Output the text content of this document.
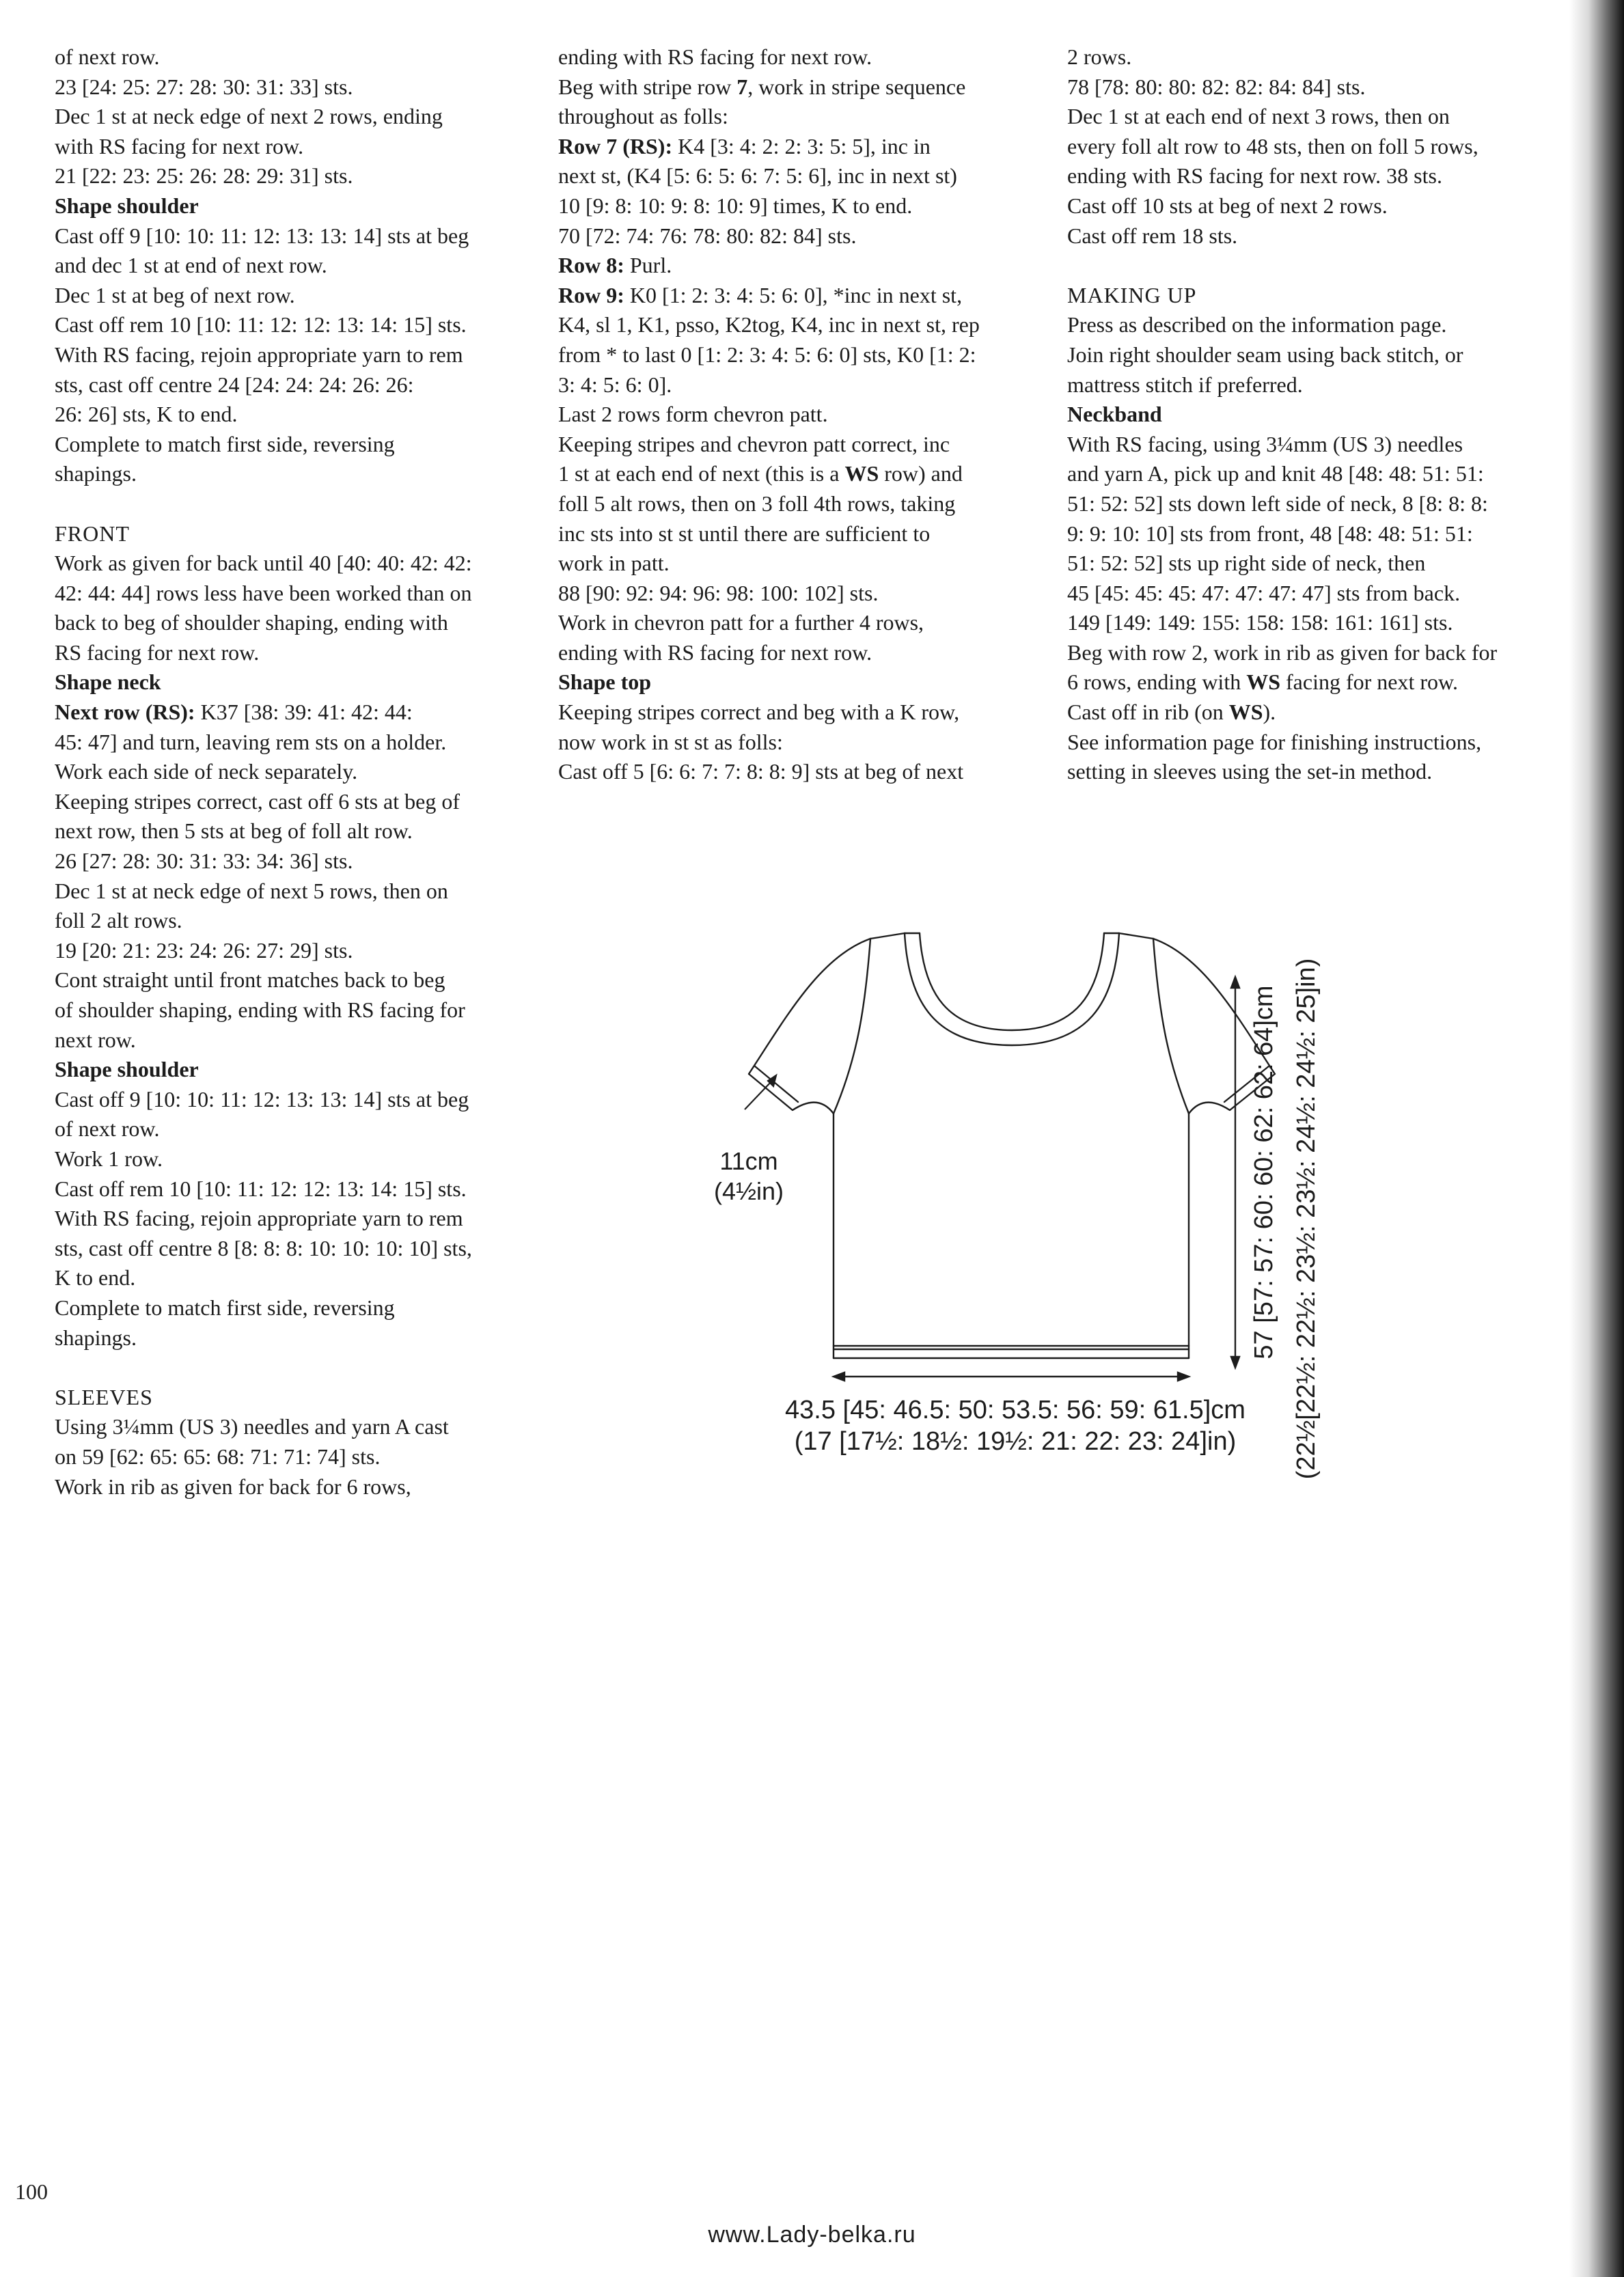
of next row.
23 [24: 25: 27: 28: 30: 31: 33] sts.
Dec 1 st at neck edge of next 2 rows, ending
with RS facing for next row.
21 [22: 23: 25: 26: 28: 29: 31] sts.
Shape shoulder
Cast off 9 [10: 10: 11: 12: 13: 13: 14] sts at beg
and dec 1 st at end of next row.
Dec 1 st at beg of next row.
Cast off rem 10 [10: 11: 12: 12: 13: 14: 15] sts.
With RS facing, rejoin appropriate yarn to rem
sts, cast off centre 24 [24: 24: 24: 26: 26:
26: 26] sts, K to end.
Complete to match first side, reversing
shapings.
FRONT
Work as given for back until 40 [40: 40: 42: 42:
42: 44: 44] rows less have been worked than on
back to beg of shoulder shaping, ending with
RS facing for next row.
Shape neck
Next row (RS): K37 [38: 39: 41: 42: 44:
45: 47] and turn, leaving rem sts on a holder.
Work each side of neck separately.
Keeping stripes correct, cast off 6 sts at beg of
next row, then 5 sts at beg of foll alt row.
26 [27: 28: 30: 31: 33: 34: 36] sts.
Dec 1 st at neck edge of next 5 rows, then on
foll 2 alt rows.
19 [20: 21: 23: 24: 26: 27: 29] sts.
Cont straight until front matches back to beg
of shoulder shaping, ending with RS facing for
next row.
Shape shoulder
Cast off 9 [10: 10: 11: 12: 13: 13: 14] sts at beg
of next row.
Work 1 row.
Cast off rem 10 [10: 11: 12: 12: 13: 14: 15] sts.
With RS facing, rejoin appropriate yarn to rem
sts, cast off centre 8 [8: 8: 8: 10: 10: 10: 10] sts,
K to end.
Complete to match first side, reversing
shapings.
SLEEVES
Using 3¼mm (US 3) needles and yarn A cast
on 59 [62: 65: 65: 68: 71: 71: 74] sts.
Work in rib as given for back for 6 rows,
ending with RS facing for next row.
Beg with stripe row 7, work in stripe sequence
throughout as folls:
Row 7 (RS): K4 [3: 4: 2: 2: 3: 5: 5], inc in
next st, (K4 [5: 6: 5: 6: 7: 5: 6], inc in next st)
10 [9: 8: 10: 9: 8: 10: 9] times, K to end.
70 [72: 74: 76: 78: 80: 82: 84] sts.
Row 8: Purl.
Row 9: K0 [1: 2: 3: 4: 5: 6: 0], *inc in next st,
K4, sl 1, K1, psso, K2tog, K4, inc in next st, rep
from * to last 0 [1: 2: 3: 4: 5: 6: 0] sts, K0 [1: 2:
3: 4: 5: 6: 0].
Last 2 rows form chevron patt.
Keeping stripes and chevron patt correct, inc
1 st at each end of next (this is a WS row) and
foll 5 alt rows, then on 3 foll 4th rows, taking
inc sts into st st until there are sufficient to
work in patt.
88 [90: 92: 94: 96: 98: 100: 102] sts.
Work in chevron patt for a further 4 rows,
ending with RS facing for next row.
Shape top
Keeping stripes correct and beg with a K row,
now work in st st as folls:
Cast off 5 [6: 6: 7: 7: 8: 8: 9] sts at beg of next
2 rows.
78 [78: 80: 80: 82: 82: 84: 84] sts.
Dec 1 st at each end of next 3 rows, then on
every foll alt row to 48 sts, then on foll 5 rows,
ending with RS facing for next row. 38 sts.
Cast off 10 sts at beg of next 2 rows.
Cast off rem 18 sts.
MAKING UP
Press as described on the information page.
Join right shoulder seam using back stitch, or
mattress stitch if preferred.
Neckband
With RS facing, using 3¼mm (US 3) needles
and yarn A, pick up and knit 48 [48: 48: 51: 51:
51: 52: 52] sts down left side of neck, 8 [8: 8: 8:
9: 9: 10: 10] sts from front, 48 [48: 48: 51: 51:
51: 52: 52] sts up right side of neck, then
45 [45: 45: 45: 47: 47: 47: 47] sts from back.
149 [149: 149: 155: 158: 158: 161: 161] sts.
Beg with row 2, work in rib as given for back for
6 rows, ending with WS facing for next row.
Cast off in rib (on WS).
See information page for finishing instructions,
setting in sleeves using the set-in method.
11cm
(4½in)
43.5 [45: 46.5: 50: 53.5: 56: 59: 61.5]cm
(17 [17½: 18½: 19½: 21: 22: 23: 24]in)
57 [57: 57: 60: 60: 62: 62: 64]cm (22½[22½: 22½: 23½: 23½: 24½: 24½: 25]in)
100
www.Lady-belka.ru
